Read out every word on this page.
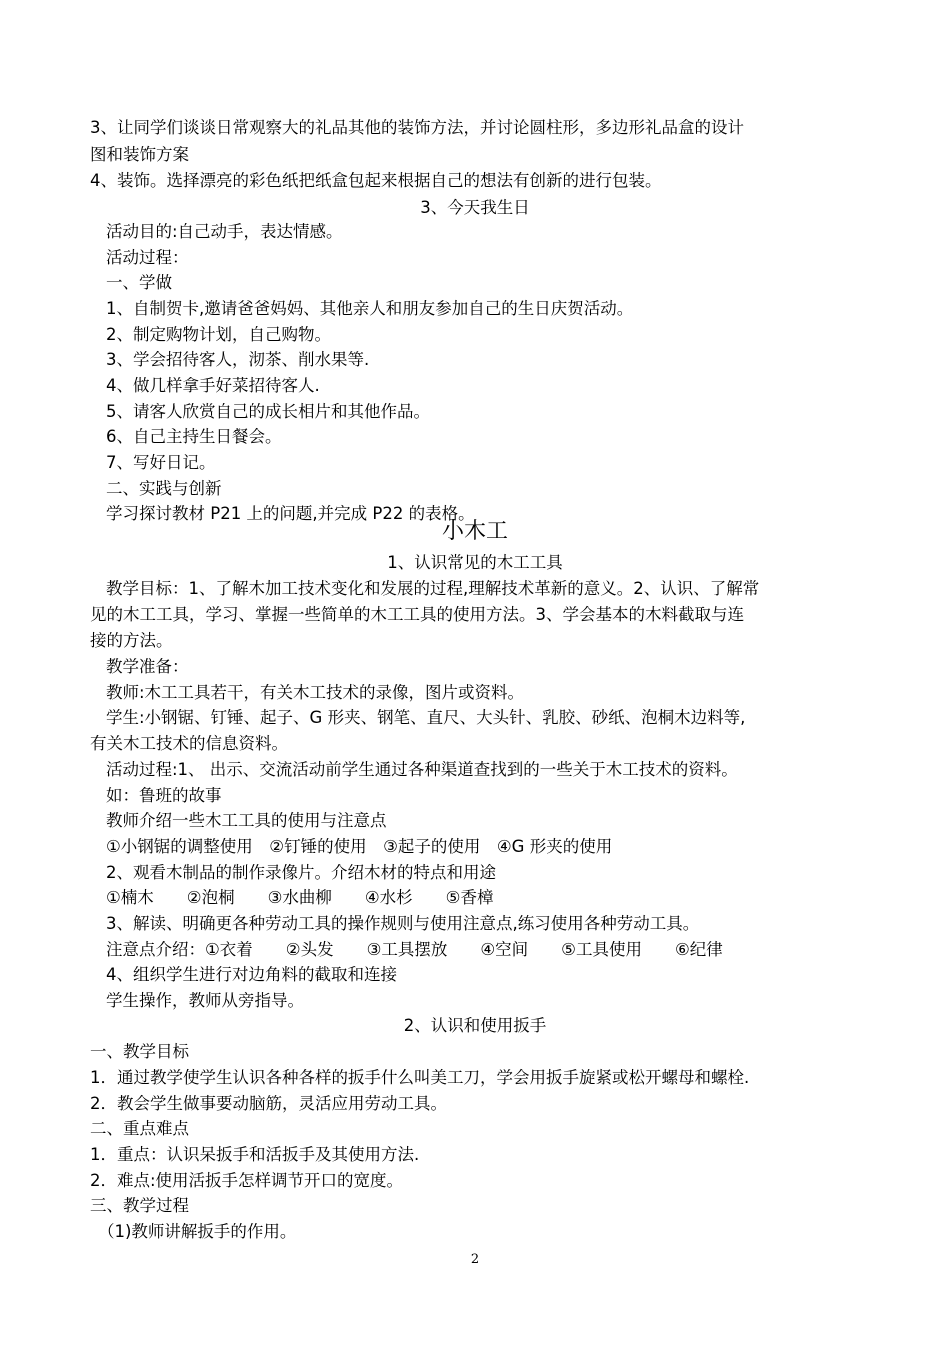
3、让同学们谈谈日常观察大的礼品其他的装饰方法，并讨论圆柱形，多边形礼品盒的设计
图和装饰方案
4、装饰。选择漂亮的彩色纸把纸盒包起来根据自己的想法有创新的进行包装。
3、今天我生日
活动目的:自己动手，表达情感。
活动过程：
一、学做
1、自制贺卡,邀请爸爸妈妈、其他亲人和朋友参加自己的生日庆贺活动。
2、制定购物计划，自己购物。
3、学会招待客人，沏茶、削水果等.
4、做几样拿手好菜招待客人.
5、请客人欣赏自己的成长相片和其他作品。
6、自己主持生日餐会。
7、写好日记。
二、实践与创新
学习探讨教材 P21 上的问题,并完成 P22 的表格。
小木工
1、认识常见的木工工具
教学目标：1、了解木加工技术变化和发展的过程,理解技术革新的意义。2、认识、了解常
见的木工工具，学习、掌握一些简单的木工工具的使用方法。3、学会基本的木料截取与连
接的方法。
教学准备：
教师:木工工具若干，有关木工技术的录像，图片或资料。
学生:小钢锯、钉锤、起子、G 形夹、钢笔、直尺、大头针、乳胶、砂纸、泡桐木边料等,
有关木工技术的信息资料。
活动过程:1、 出示、交流活动前学生通过各种渠道查找到的一些关于木工技术的资料。
如：鲁班的故事
教师介绍一些木工工具的使用与注意点
①小钢锯的调整使用　②钉锤的使用　③起子的使用　④G 形夹的使用
2、观看木制品的制作录像片。介绍木材的特点和用途
①楠木　　②泡桐　　③水曲柳　　④水杉　　⑤香樟
3、解读、明确更各种劳动工具的操作规则与使用注意点,练习使用各种劳动工具。
注意点介绍：①衣着　　②头发　　③工具摆放　　④空间　　⑤工具使用　　⑥纪律
4、组织学生进行对边角料的截取和连接
学生操作，教师从旁指导。
2、认识和使用扳手
一、教学目标
1．通过教学使学生认识各种各样的扳手什么叫美工刀，学会用扳手旋紧或松开螺母和螺栓.
2．教会学生做事要动脑筋，灵活应用劳动工具。
二、重点难点
1．重点：认识呆扳手和活扳手及其使用方法.
2．难点:使用活扳手怎样调节开口的宽度。
三、教学过程
（1)教师讲解扳手的作用。
2
